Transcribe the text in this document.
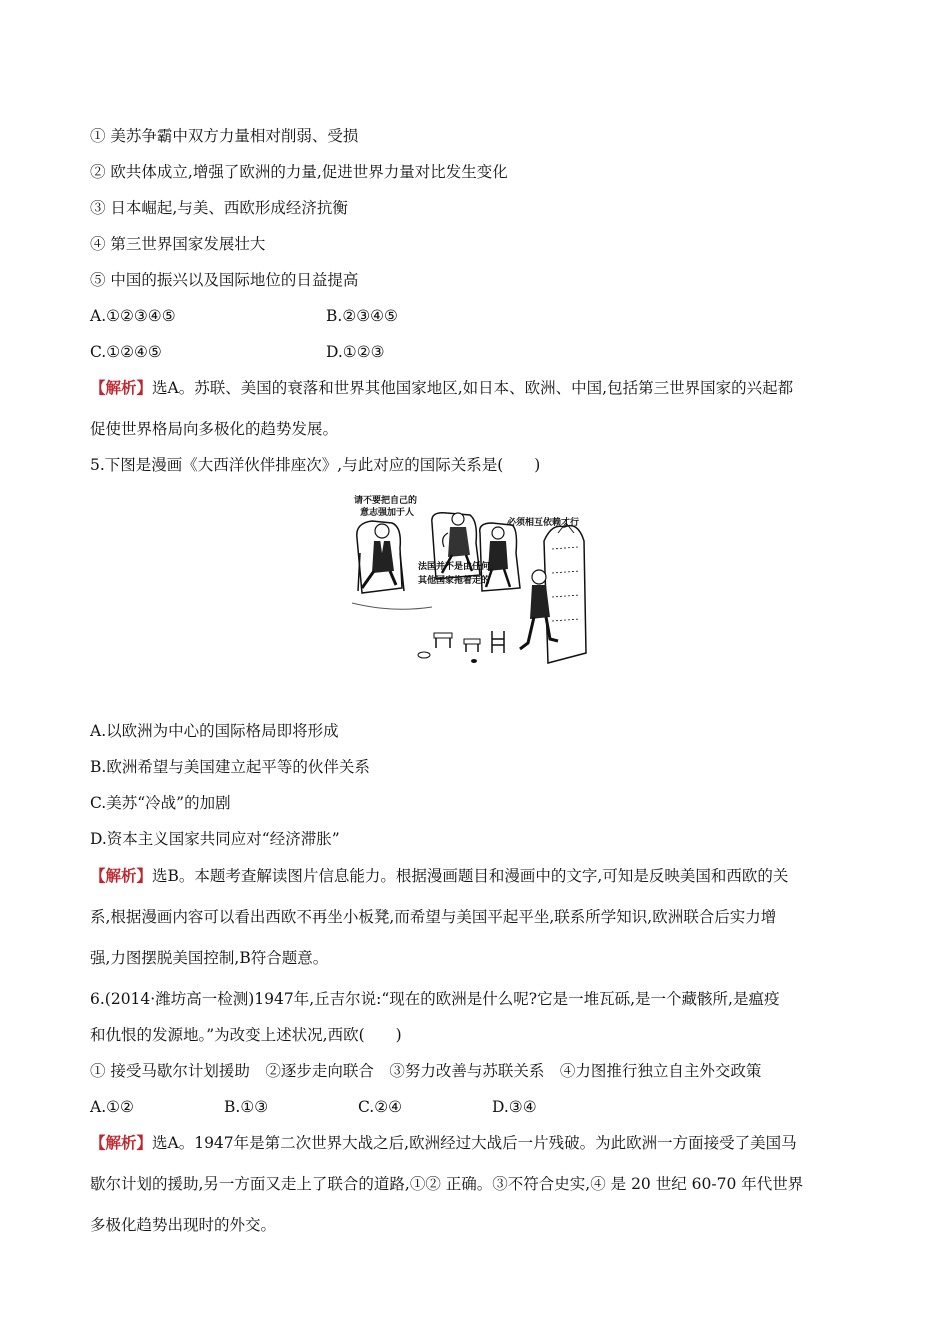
① 美苏争霸中双方力量相对削弱、受损
② 欧共体成立,增强了欧洲的力量,促进世界力量对比发生变化
③ 日本崛起,与美、西欧形成经济抗衡
④ 第三世界国家发展壮大
⑤ 中国的振兴以及国际地位的日益提高
A.①②③④⑤	B.②③④⑤
C.①②④⑤	D.①②③
【解析】选A。苏联、美国的衰落和世界其他国家地区,如日本、欧洲、中国,包括第三世界国家的兴起都
促使世界格局向多极化的趋势发展。
5.下图是漫画《大西洋伙伴排座次》,与此对应的国际关系是(　　)
请不要把自己的
意志强加于人
必须相互依赖才行
法国并不是由任何
其他国家拖着走的
A.以欧洲为中心的国际格局即将形成
B.欧洲希望与美国建立起平等的伙伴关系
C.美苏“冷战”的加剧
D.资本主义国家共同应对“经济滞胀”
【解析】选B。本题考查解读图片信息能力。根据漫画题目和漫画中的文字,可知是反映美国和西欧的关
系,根据漫画内容可以看出西欧不再坐小板凳,而希望与美国平起平坐,联系所学知识,欧洲联合后实力增
强,力图摆脱美国控制,B符合题意。
6.(2014·潍坊高一检测)1947年,丘吉尔说:“现在的欧洲是什么呢?它是一堆瓦砾,是一个藏骸所,是瘟疫
和仇恨的发源地。”为改变上述状况,西欧(　　)
① 接受马歇尔计划援助　②逐步走向联合　③努力改善与苏联关系　④力图推行独立自主外交政策
A.①②	B.①③	C.②④	D.③④
【解析】选A。1947年是第二次世界大战之后,欧洲经过大战后一片残破。为此欧洲一方面接受了美国马
歇尔计划的援助,另一方面又走上了联合的道路,①② 正确。③不符合史实,④ 是 20 世纪 60-70 年代世界
多极化趋势出现时的外交。
